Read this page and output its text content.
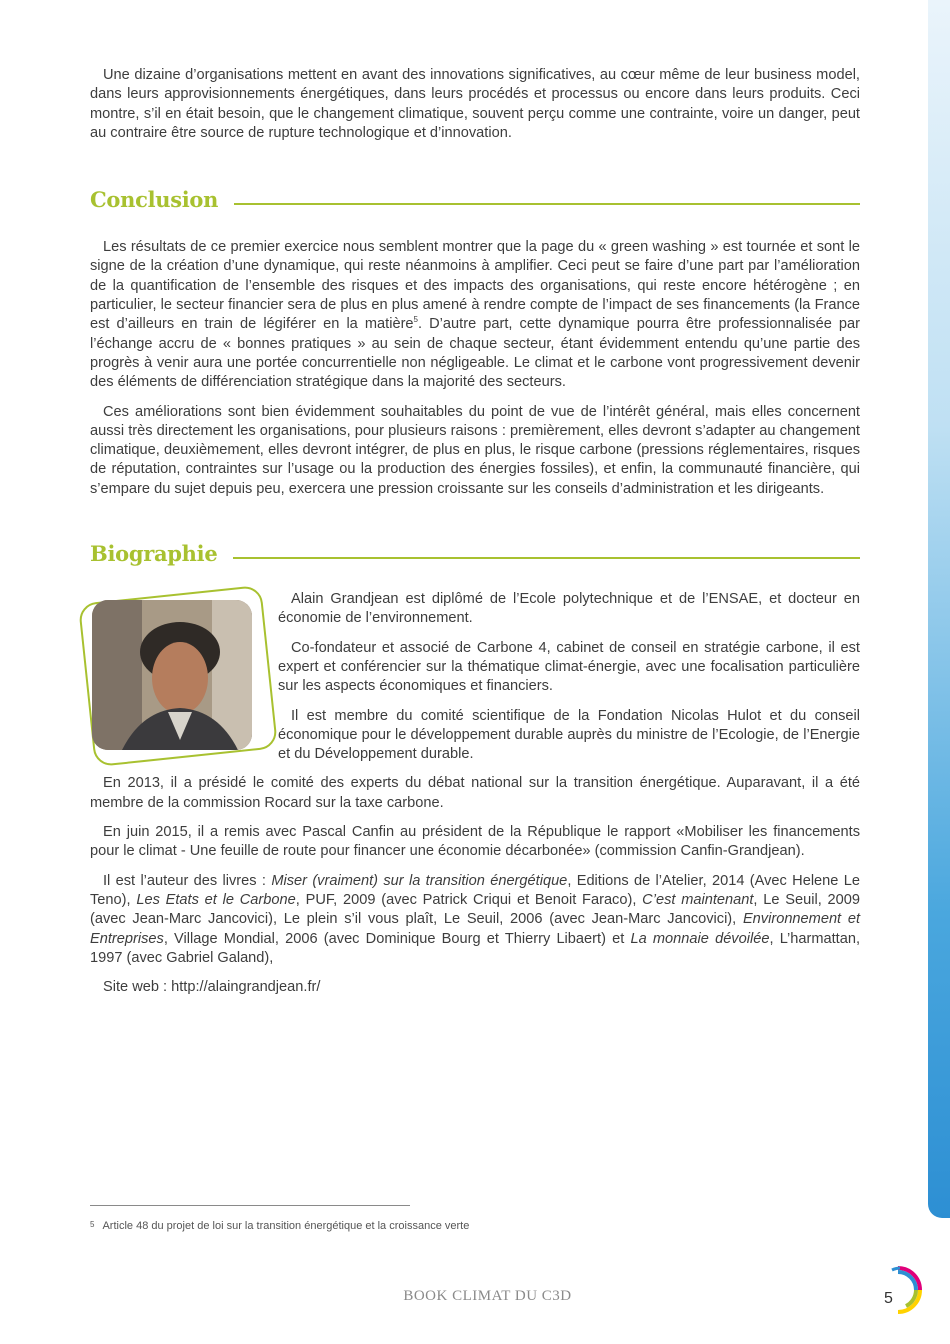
Une dizaine d’organisations mettent en avant des innovations significatives, au cœur même de leur business model, dans leurs approvisionnements énergétiques, dans leurs procédés et processus ou encore dans leurs produits. Ceci montre, s’il en était besoin, que le changement climatique, souvent perçu comme une contrainte, voire un danger, peut au contraire être source de rupture technologique et d’innovation.

Conclusion

Les résultats de ce premier exercice nous semblent montrer que la page du « green washing » est tournée et sont le signe de la création d’une dynamique, qui reste néanmoins à amplifier. Ceci peut se faire d’une part par l’amélioration de la quantification de l’ensemble des risques et des impacts des organisations, qui reste encore hétérogène ; en particulier, le secteur financier sera de plus en plus amené à rendre compte de l’impact de ses financements (la France est d’ailleurs en train de légiférer en la matière$^5$. D’autre part, cette dynamique pourra être professionnalisée par l’échange accru de « bonnes pratiques » au sein de chaque secteur, étant évidemment entendu qu’une partie des progrès à venir aura une portée concurrentielle non négligeable. Le climat et le carbone vont progressivement devenir des éléments de différenciation stratégique dans la majorité des secteurs.

Ces améliorations sont bien évidemment souhaitables du point de vue de l’intérêt général, mais elles concernent aussi très directement les organisations, pour plusieurs raisons : premièrement, elles devront s’adapter au changement climatique, deuxièmement, elles devront intégrer, de plus en plus, le risque carbone (pressions réglementaires, risques de réputation, contraintes sur l’usage ou la production des énergies fossiles), et enfin, la communauté financière, qui s’empare du sujet depuis peu, exercera une pression croissante sur les conseils d’administration et les dirigeants.

Biographie

Alain Grandjean est diplômé de l’Ecole polytechnique et de l’ENSAE, et docteur en économie de l’environnement.

Co-fondateur et associé de Carbone 4, cabinet de conseil en stratégie carbone, il est expert et conférencier sur la thématique climat-énergie, avec une focalisation particulière sur les aspects économiques et financiers.

Il est membre du comité scientifique de la Fondation Nicolas Hulot et du conseil économique pour le développement durable auprès du ministre de l’Ecologie, de l’Energie et du Développement durable.

En 2013, il a présidé le comité des experts du débat national sur la transition énergétique. Auparavant, il a été membre de la commission Rocard sur la taxe carbone.

En juin 2015, il a remis avec Pascal Canfin au président de la République le rapport «Mobiliser les financements pour le climat - Une feuille de route pour financer une économie décarbonée» (commission Canfin-Grandjean).

Il est l’auteur des livres : Miser (vraiment) sur la transition énergétique, Editions de l’Atelier, 2014 (Avec Helene Le Teno), Les Etats et le Carbone, PUF, 2009 (avec Patrick Criqui et Benoit Faraco), C’est maintenant, Le Seuil, 2009 (avec Jean-Marc Jancovici), Le plein s’il vous plaît, Le Seuil, 2006 (avec Jean-Marc Jancovici), Environnement et Entreprises, Village Mondial, 2006 (avec Dominique Bourg et Thierry Libaert) et La monnaie dévoilée, L’harmattan, 1997 (avec Gabriel Galand),

Site web : http://alaingrandjean.fr/

$^5$ Article 48 du projet de loi sur la transition énergétique et la croissance verte
BOOK CLIMAT DU C3D	5
